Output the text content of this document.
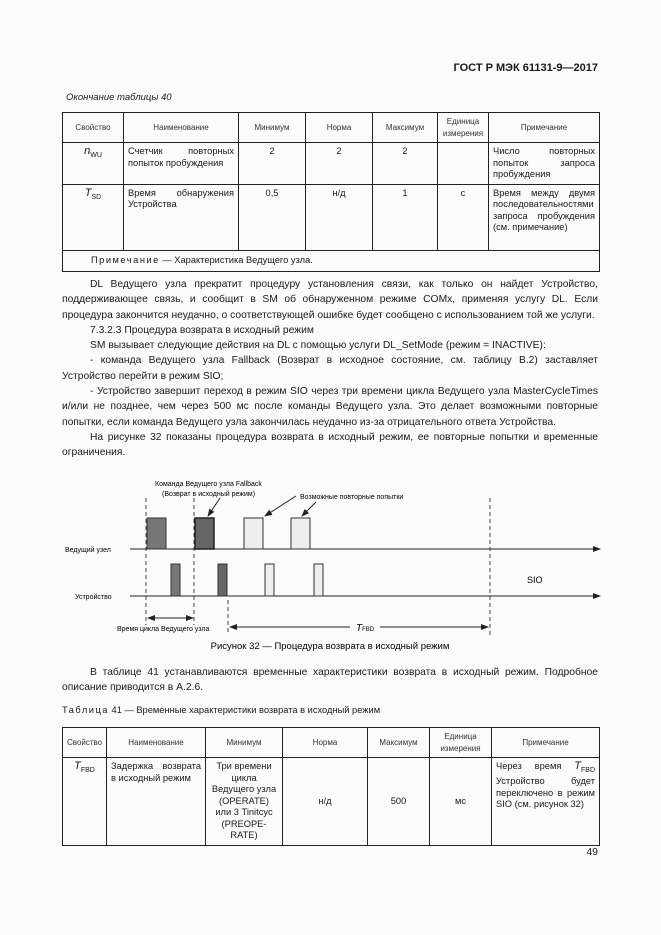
ГОСТ Р МЭК 61131-9—2017
Окончание таблицы 40
Свойство	Наименование	Минимум	Норма	Максимум	Единица измерения	Примечание
$n_{WU}$	Счетчик повторных попыток пробуждения	2	2	2		Число повторных попыток запроса пробуждения
$T_{SD}$	Время обнаружения Устройства	0,5	н/д	1	с	Время между двумя последовательностями запроса пробуждения (см. примечание)
Примечание — Характеристика Ведущего узла.						

DL Ведущего узла прекратит процедуру установления связи, как только он найдет Устройство, поддерживающее связь, и сообщит в SM об обнаруженном режиме COMx, применяя услугу DL. Если процедура закончится неудачно, о соответствующей ошибке будет сообщено с использованием той же услуги.

7.3.2.3 Процедура возврата в исходный режим

SM вызывает следующие действия на DL с помощью услуги DL_SetMode (режим = INACTIVE):

- команда Ведущего узла Fallback (Возврат в исходное состояние, см. таблицу B.2) заставляет Устройство перейти в режим SIO;

- Устройство завершит переход в режим SIO через три времени цикла Ведущего узла MasterCycleTimes и/или не позднее, чем через 500 мс после команды Ведущего узла. Это делает возможными повторные попытки, если команда Ведущего узла закончилась неудачно из-за отрицательного ответа Устройства.

На рисунке 32 показаны процедура возврата в исходный режим, ее повторные попытки и временные ограничения.

Команда Ведущего узла Fallback
(Возврат в исходный режим)	Возможные повторные попытки
Ведущий узел
Устройство
SIO
Время цикла Ведущего узла	TFBD
Рисунок 32 — Процедура возврата в исходный режим

В таблице 41 устанавливаются временные характеристики возврата в исходный режим. Подробное описание приводится в A.2.6.

Таблица 41 — Временные характеристики возврата в исходный режим
Свойство	Наименование	Минимум	Норма	Максимум	Единица измерения	Примечание
$T_{FBD}$	Задержка возврата в исходный режим	Три времени цикла Ведущего узла (OPERATE) или 3 Tinitcyc (PREOPE-RATE)	н/д	500	мс	Через время $T_{FBD}$ Устройство будет переключено в режим SIO (см. рисунок 32)
49
